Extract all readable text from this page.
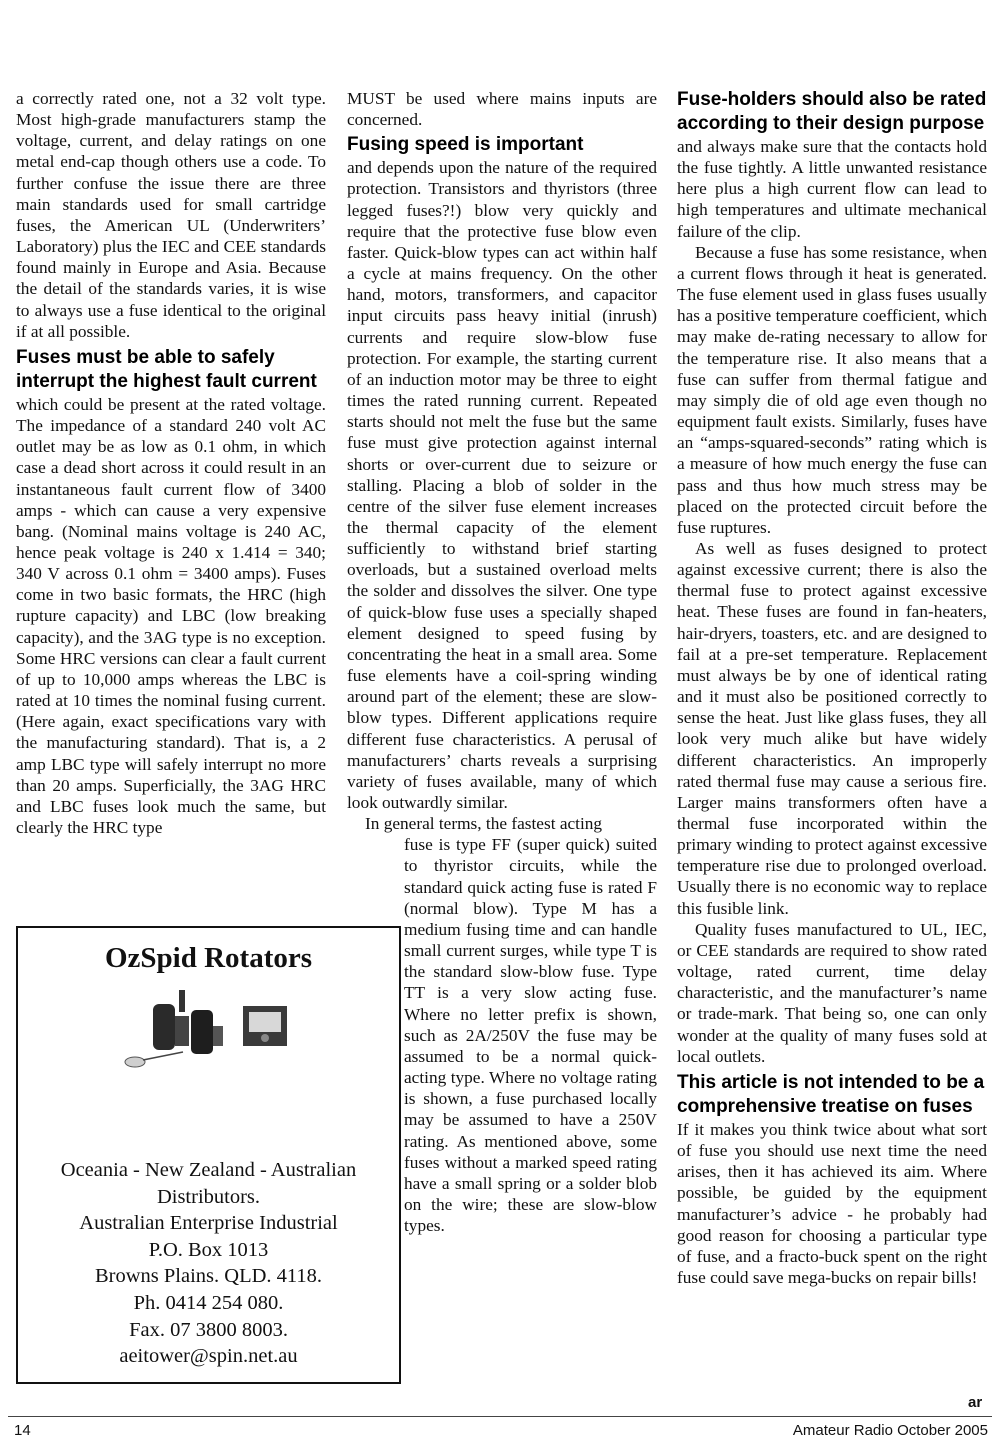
a correctly rated one, not a 32 volt type. Most high-grade manufacturers stamp the voltage, current, and delay ratings on one metal end-cap though others use a code. To further confuse the issue there are three main standards used for small cartridge fuses, the American UL (Underwriters’ Laboratory) plus the IEC and CEE standards found mainly in Europe and Asia. Because the detail of the standards varies, it is wise to always use a fuse identical to the original if at all possible.

Fuses must be able to safely interrupt the highest fault current

which could be present at the rated voltage. The impedance of a standard 240 volt AC outlet may be as low as 0.1 ohm, in which case a dead short across it could result in an instantaneous fault current flow of 3400 amps - which can cause a very expensive bang. (Nominal mains voltage is 240 AC, hence peak voltage is 240 x 1.414 = 340; 340 V across 0.1 ohm = 3400 amps). Fuses come in two basic formats, the HRC (high rupture capacity) and LBC (low breaking capacity), and the 3AG type is no exception. Some HRC versions can clear a fault current of up to 10,000 amps whereas the LBC is rated at 10 times the nominal fusing current. (Here again, exact specifications vary with the manufacturing standard). That is, a 2 amp LBC type will safely interrupt no more than 20 amps. Superficially, the 3AG HRC and LBC fuses look much the same, but clearly the HRC type

MUST be used where mains inputs are concerned.

Fusing speed is important

and depends upon the nature of the required protection. Transistors and thyristors (three legged fuses?!) blow very quickly and require that the protective fuse blow even faster. Quick-blow types can act within half a cycle at mains frequency. On the other hand, motors, transformers, and capacitor input circuits pass heavy initial (inrush) currents and require slow-blow fuse protection. For example, the starting current of an induction motor may be three to eight times the rated running current. Repeated starts should not melt the fuse but the same fuse must give protection against internal shorts or over-current due to seizure or stalling. Placing a blob of solder in the centre of the silver fuse element increases the thermal capacity of the element sufficiently to withstand brief starting overloads, but a sustained overload melts the solder and dissolves the silver. One type of quick-blow fuse uses a specially shaped element designed to speed fusing by concentrating the heat in a small area. Some fuse elements have a coil-spring winding around part of the element; these are slow-blow types. Different applications require different fuse characteristics. A perusal of manufacturers’ charts reveals a surprising variety of fuses available, many of which look outwardly similar.

In general terms, the fastest acting

fuse is type FF (super quick) suited to thyristor circuits, while the standard quick acting fuse is rated F (normal blow). Type M has a medium fusing time and can handle small current surges, while type T is the standard slow-blow fuse. Type TT is a very slow acting fuse. Where no letter prefix is shown, such as 2A/250V the fuse may be assumed to be a normal quick-acting type. Where no voltage rating is shown, a fuse purchased locally may be assumed to have a 250V rating. As mentioned above, some fuses without a marked speed rating have a small spring or a solder blob on the wire; these are slow-blow types.

Fuse-holders should also be rated according to their design purpose

and always make sure that the contacts hold the fuse tightly. A little unwanted resistance here plus a high current flow can lead to high temperatures and ultimate mechanical failure of the clip.

Because a fuse has some resistance, when a current flows through it heat is generated. The fuse element used in glass fuses usually has a positive temperature coefficient, which may make de-rating necessary to allow for the temperature rise. It also means that a fuse can suffer from thermal fatigue and may simply die of old age even though no equipment fault exists. Similarly, fuses have an “amps-squared-seconds” rating which is a measure of how much energy the fuse can pass and thus how much stress may be placed on the protected circuit before the fuse ruptures.

As well as fuses designed to protect against excessive current; there is also the thermal fuse to protect against excessive heat. These fuses are found in fan-heaters, hair-dryers, toasters, etc. and are designed to fail at a pre-set temperature. Replacement must always be by one of identical rating and it must also be positioned correctly to sense the heat. Just like glass fuses, they all look very much alike but have widely different characteristics. An improperly rated thermal fuse may cause a serious fire. Larger mains transformers often have a thermal fuse incorporated within the primary winding to protect against excessive temperature rise due to prolonged overload. Usually there is no economic way to replace this fusible link.

Quality fuses manufactured to UL, IEC, or CEE standards are required to show rated voltage, rated current, time delay characteristic, and the manufacturer’s name or trade-mark. That being so, one can only wonder at the quality of many fuses sold at local outlets.

This article is not intended to be a comprehensive treatise on fuses

If it makes you think twice about what sort of fuse you should use next time the need arises, then it has achieved its aim. Where possible, be guided by the equipment manufacturer’s advice - he probably had good reason for choosing a particular type of fuse, and a fracto-buck spent on the right fuse could save mega-bucks on repair bills!

OzSpid Rotators
Oceania - New Zealand - Australian
Distributors.
Australian Enterprise Industrial
P.O. Box 1013
Browns Plains. QLD. 4118.
Ph. 0414 254 080.
Fax. 07 3800 8003.
aeitower@spin.net.au
ar
14	Amateur Radio October 2005
